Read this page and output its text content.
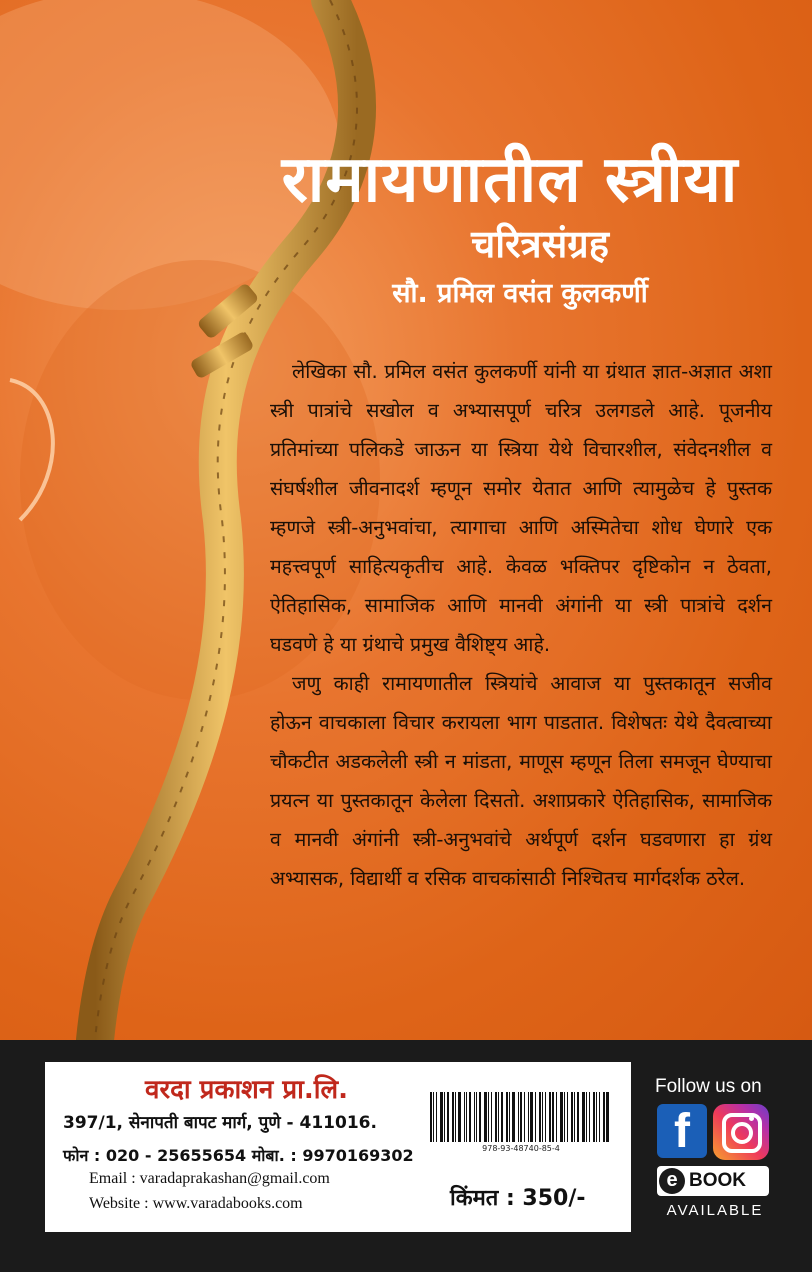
रामायणातील स्त्रीया
चरित्रसंग्रह
सौ. प्रमिल वसंत कुलकर्णी

लेखिका सौ. प्रमिल वसंत कुलकर्णी यांनी या ग्रंथात ज्ञात-अज्ञात अशा स्त्री पात्रांचे सखोल व अभ्यासपूर्ण चरित्र उलगडले आहे. पूजनीय प्रतिमांच्या पलिकडे जाऊन या स्त्रिया येथे विचारशील, संवेदनशील व संघर्षशील जीवनादर्श म्हणून समोर येतात आणि त्यामुळेच हे पुस्तक म्हणजे स्त्री-अनुभवांचा, त्यागाचा आणि अस्मितेचा शोध घेणारे एक महत्त्वपूर्ण साहित्यकृतीच आहे. केवळ भक्तिपर दृष्टिकोन न ठेवता, ऐतिहासिक, सामाजिक आणि मानवी अंगांनी या स्त्री पात्रांचे दर्शन घडवणे हे या ग्रंथाचे प्रमुख वैशिष्ट्य आहे.

जणु काही रामायणातील स्त्रियांचे आवाज या पुस्तकातून सजीव होऊन वाचकाला विचार करायला भाग पाडतात. विशेषतः येथे दैवत्वाच्या चौकटीत अडकलेली स्त्री न मांडता, माणूस म्हणून तिला समजून घेण्याचा प्रयत्न या पुस्तकातून केलेला दिसतो. अशाप्रकारे ऐतिहासिक, सामाजिक व मानवी अंगांनी स्त्री-अनुभवांचे अर्थपूर्ण दर्शन घडवणारा हा ग्रंथ अभ्यासक, विद्यार्थी व रसिक वाचकांसाठी निश्चितच मार्गदर्शक ठरेल.

वरदा प्रकाशन प्रा.लि.
397/1, सेनापती बापट मार्ग, पुणे - 411016.
फोन : 020 - 25655654 मोबा. : 9970169302
Email : varadaprakashan@gmail.com
Website : www.varadabooks.com
978-93-48740-85-4
किंमत : 350/-
Follow us on
f
e BOOK
AVAILABLE
